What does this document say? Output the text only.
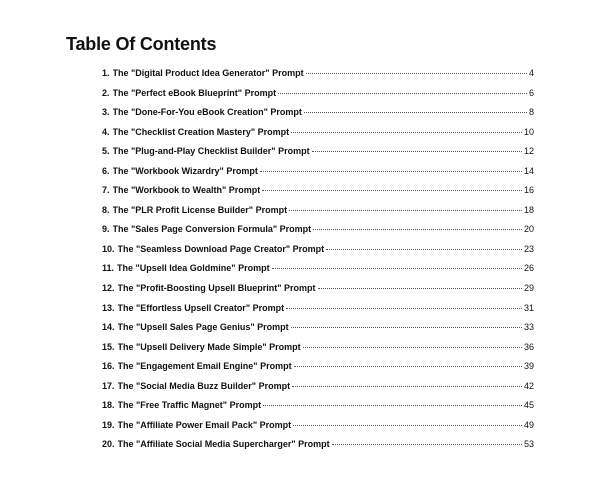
Table Of Contents
1. The "Digital Product Idea Generator" Prompt	4
2. The "Perfect eBook Blueprint" Prompt	6
3. The "Done-For-You eBook Creation" Prompt	8
4. The "Checklist Creation Mastery" Prompt	10
5. The "Plug-and-Play Checklist Builder" Prompt	12
6. The "Workbook Wizardry" Prompt	14
7. The "Workbook to Wealth" Prompt	16
8. The "PLR Profit License Builder" Prompt	18
9. The "Sales Page Conversion Formula" Prompt	20
10. The "Seamless Download Page Creator" Prompt	23
11. The "Upsell Idea Goldmine" Prompt	26
12. The "Profit-Boosting Upsell Blueprint" Prompt	29
13. The "Effortless Upsell Creator" Prompt	31
14. The "Upsell Sales Page Genius" Prompt	33
15. The "Upsell Delivery Made Simple" Prompt	36
16. The "Engagement Email Engine" Prompt	39
17. The "Social Media Buzz Builder" Prompt	42
18. The "Free Traffic Magnet" Prompt	45
19. The "Affiliate Power Email Pack" Prompt	49
20. The "Affiliate Social Media Supercharger" Prompt	53
